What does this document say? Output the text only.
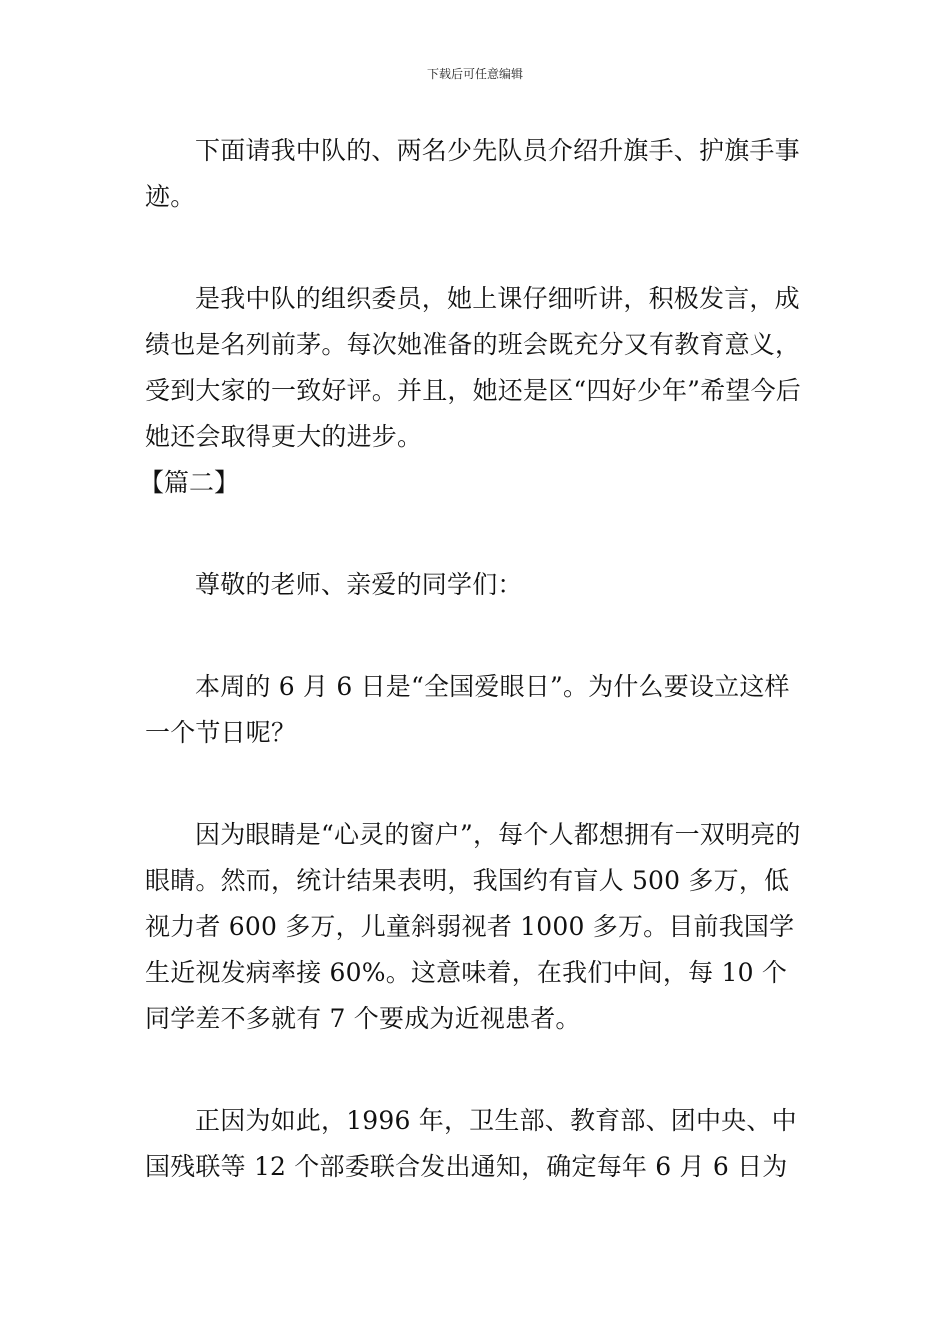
下载后可任意编辑

下面请我中队的、两名少先队员介绍升旗手、护旗手事迹。

是我中队的组织委员，她上课仔细听讲，积极发言，成绩也是名列前茅。每次她准备的班会既充分又有教育意义，受到大家的一致好评。并且，她还是区“四好少年”希望今后她还会取得更大的进步。

【篇二】

尊敬的老师、亲爱的同学们：

本周的 6 月 6 日是“全国爱眼日”。为什么要设立这样一个节日呢？

因为眼睛是“心灵的窗户”，每个人都想拥有一双明亮的眼睛。然而，统计结果表明，我国约有盲人 500 多万，低视力者 600 多万，儿童斜弱视者 1000 多万。目前我国学生近视发病率接 60%。这意味着，在我们中间，每 10 个同学差不多就有 7 个要成为近视患者。

正因为如此，1996 年，卫生部、教育部、团中央、中国残联等 12 个部委联合发出通知，确定每年 6 月 6 日为
